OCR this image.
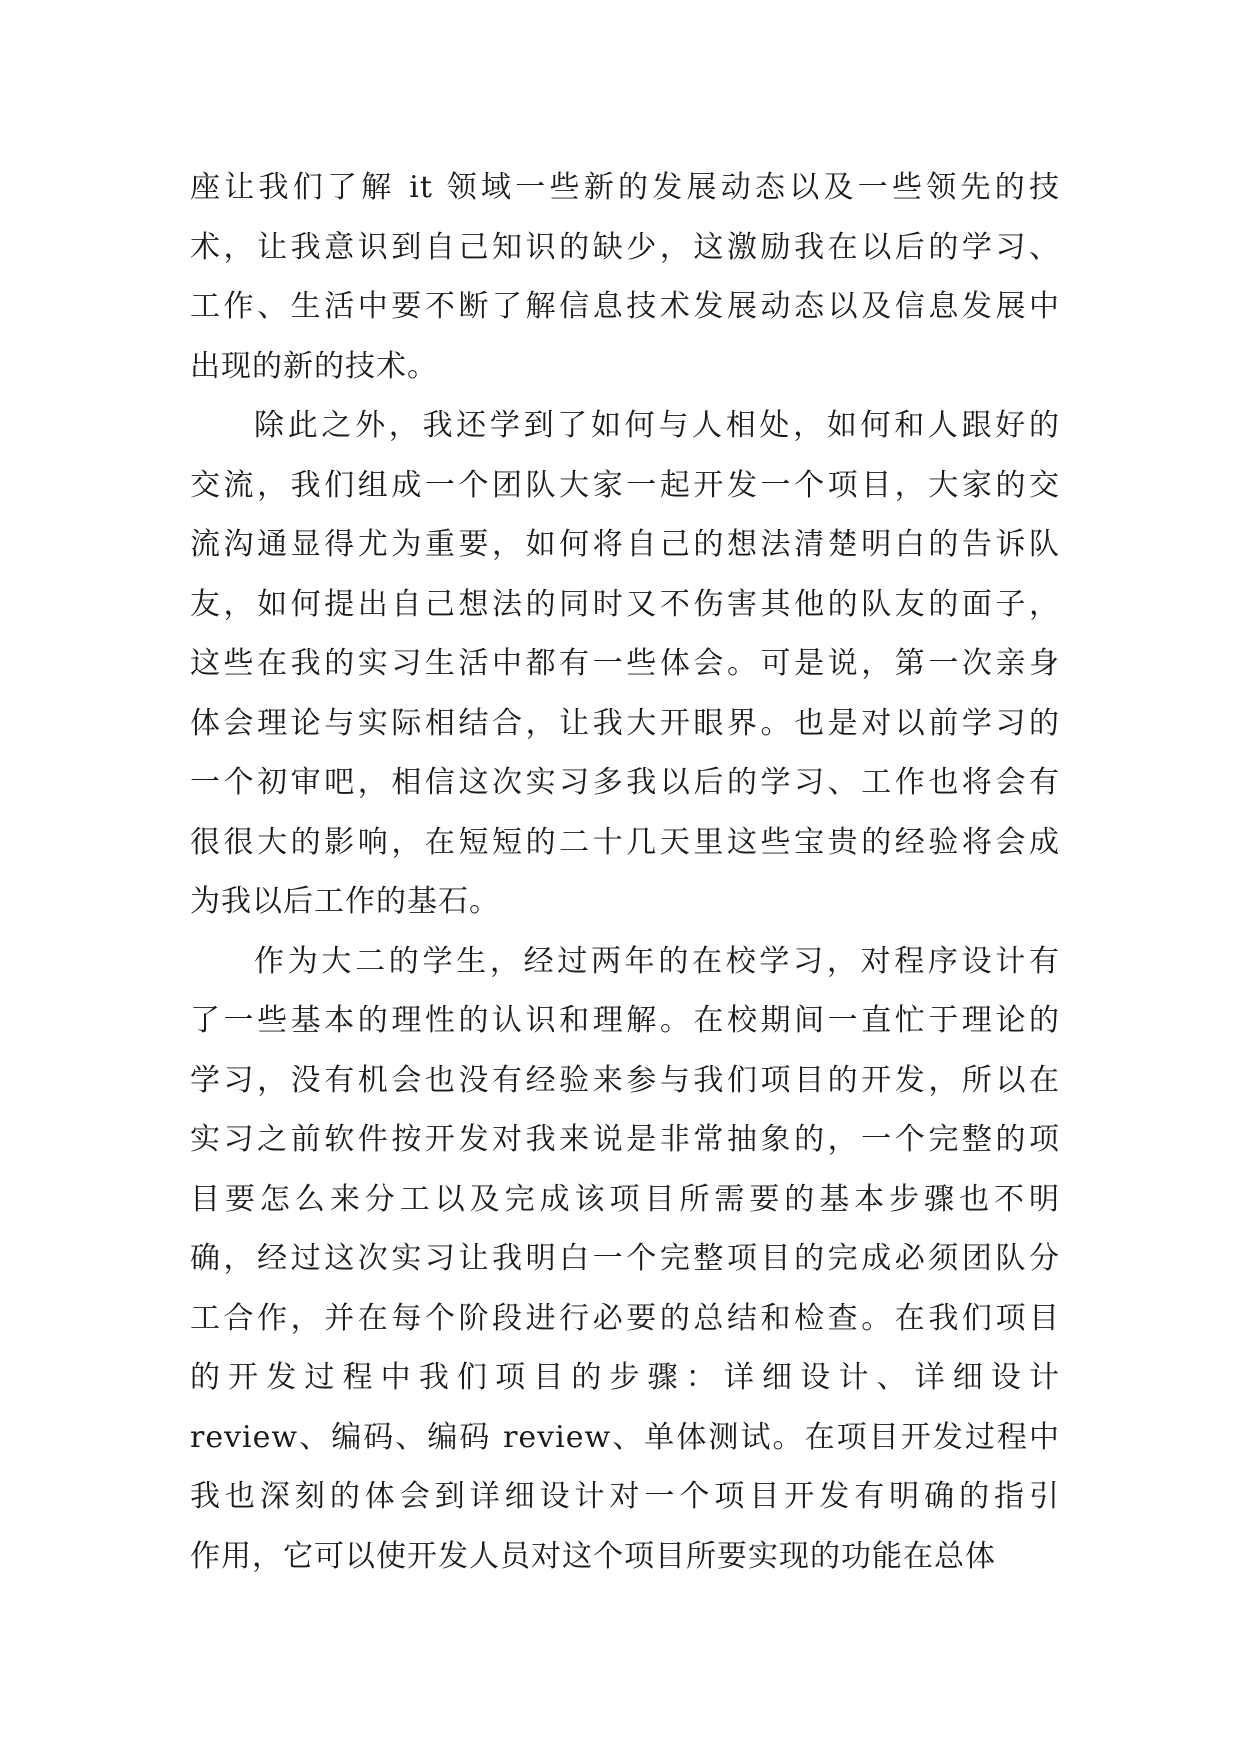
座让我们了解 it 领域一些新的发展动态以及一些领先的技
术，让我意识到自己知识的缺少，这激励我在以后的学习、
工作、生活中要不断了解信息技术发展动态以及信息发展中
出现的新的技术。
除此之外，我还学到了如何与人相处，如何和人跟好的
交流，我们组成一个团队大家一起开发一个项目，大家的交
流沟通显得尤为重要，如何将自己的想法清楚明白的告诉队
友，如何提出自己想法的同时又不伤害其他的队友的面子，
这些在我的实习生活中都有一些体会。可是说，第一次亲身
体会理论与实际相结合，让我大开眼界。也是对以前学习的
一个初审吧，相信这次实习多我以后的学习、工作也将会有
很很大的影响，在短短的二十几天里这些宝贵的经验将会成
为我以后工作的基石。
作为大二的学生，经过两年的在校学习，对程序设计有
了一些基本的理性的认识和理解。在校期间一直忙于理论的
学习，没有机会也没有经验来参与我们项目的开发，所以在
实习之前软件按开发对我来说是非常抽象的，一个完整的项
目要怎么来分工以及完成该项目所需要的基本步骤也不明
确，经过这次实习让我明白一个完整项目的完成必须团队分
工合作，并在每个阶段进行必要的总结和检查。在我们项目
的开发过程中我们项目的步骤：详细设计、详细设计
review、编码、编码 review、单体测试。在项目开发过程中
我也深刻的体会到详细设计对一个项目开发有明确的指引
作用，它可以使开发人员对这个项目所要实现的功能在总体
